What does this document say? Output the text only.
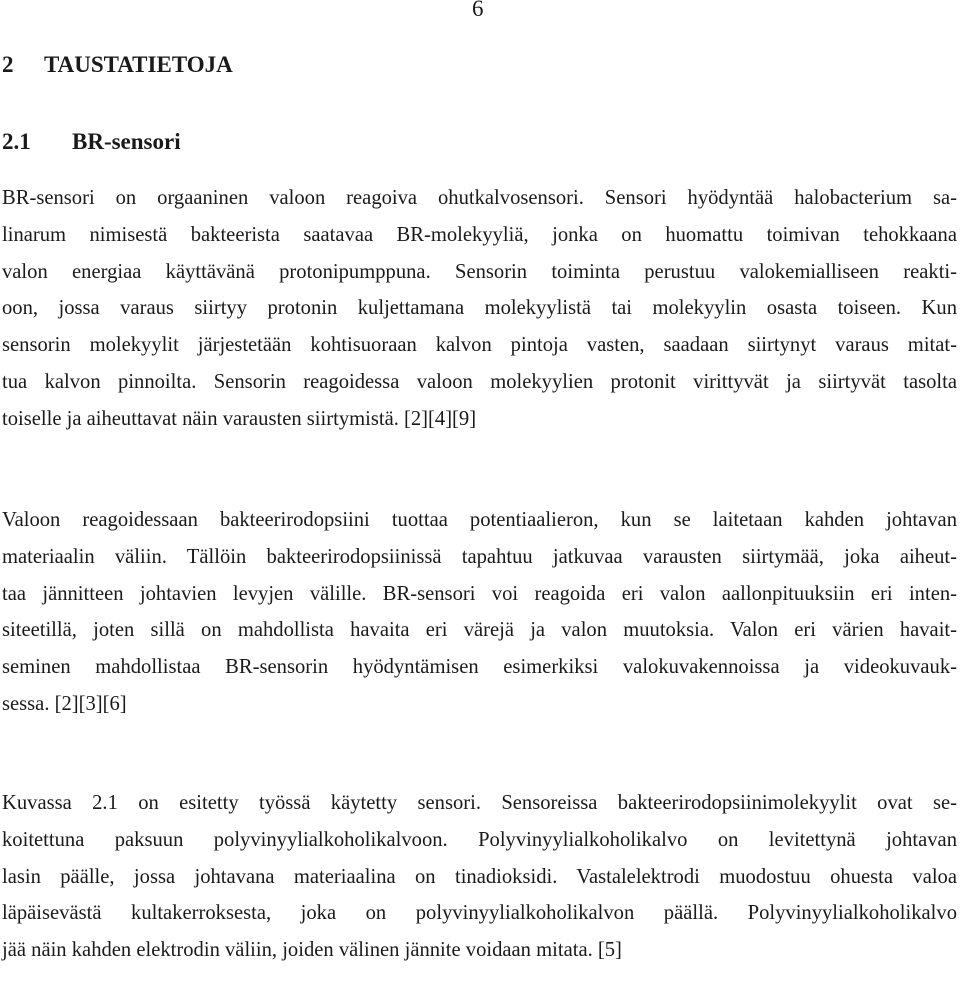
6
2 TAUSTATIETOJA
2.1 BR-sensori
BR-sensori on orgaaninen valoon reagoiva ohutkalvosensori. Sensori hyödyntää halobacterium sa-
linarum nimisestä bakteerista saatavaa BR-molekyyliä, jonka on huomattu toimivan tehokkaana
valon energiaa käyttävänä protonipumppuna. Sensorin toiminta perustuu valokemialliseen reakti-
oon, jossa varaus siirtyy protonin kuljettamana molekyylistä tai molekyylin osasta toiseen. Kun
sensorin molekyylit järjestetään kohtisuoraan kalvon pintoja vasten, saadaan siirtynyt varaus mitat-
tua kalvon pinnoilta. Sensorin reagoidessa valoon molekyylien protonit virittyvät ja siirtyvät tasolta
toiselle ja aiheuttavat näin varausten siirtymistä. [2][4][9]
Valoon reagoidessaan bakteerirodopsiini tuottaa potentiaalieron, kun se laitetaan kahden johtavan
materiaalin väliin. Tällöin bakteerirodopsiinissä tapahtuu jatkuvaa varausten siirtymää, joka aiheut-
taa jännitteen johtavien levyjen välille. BR-sensori voi reagoida eri valon aallonpituuksiin eri inten-
siteetillä, joten sillä on mahdollista havaita eri värejä ja valon muutoksia. Valon eri värien havait-
seminen mahdollistaa BR-sensorin hyödyntämisen esimerkiksi valokuvakennoissa ja videokuvauk-
sessa. [2][3][6]
Kuvassa 2.1 on esitetty työssä käytetty sensori. Sensoreissa bakteerirodopsiinimolekyylit ovat se-
koitettuna paksuun polyvinyylialkoholikalvoon. Polyvinyylialkoholikalvo on levitettynä johtavan
lasin päälle, jossa johtavana materiaalina on tinadioksidi. Vastalelektrodi muodostuu ohuesta valoa
läpäisevästä kultakerroksesta, joka on polyvinyylialkoholikalvon päällä. Polyvinyylialkoholikalvo
jää näin kahden elektrodin väliin, joiden välinen jännite voidaan mitata. [5]
